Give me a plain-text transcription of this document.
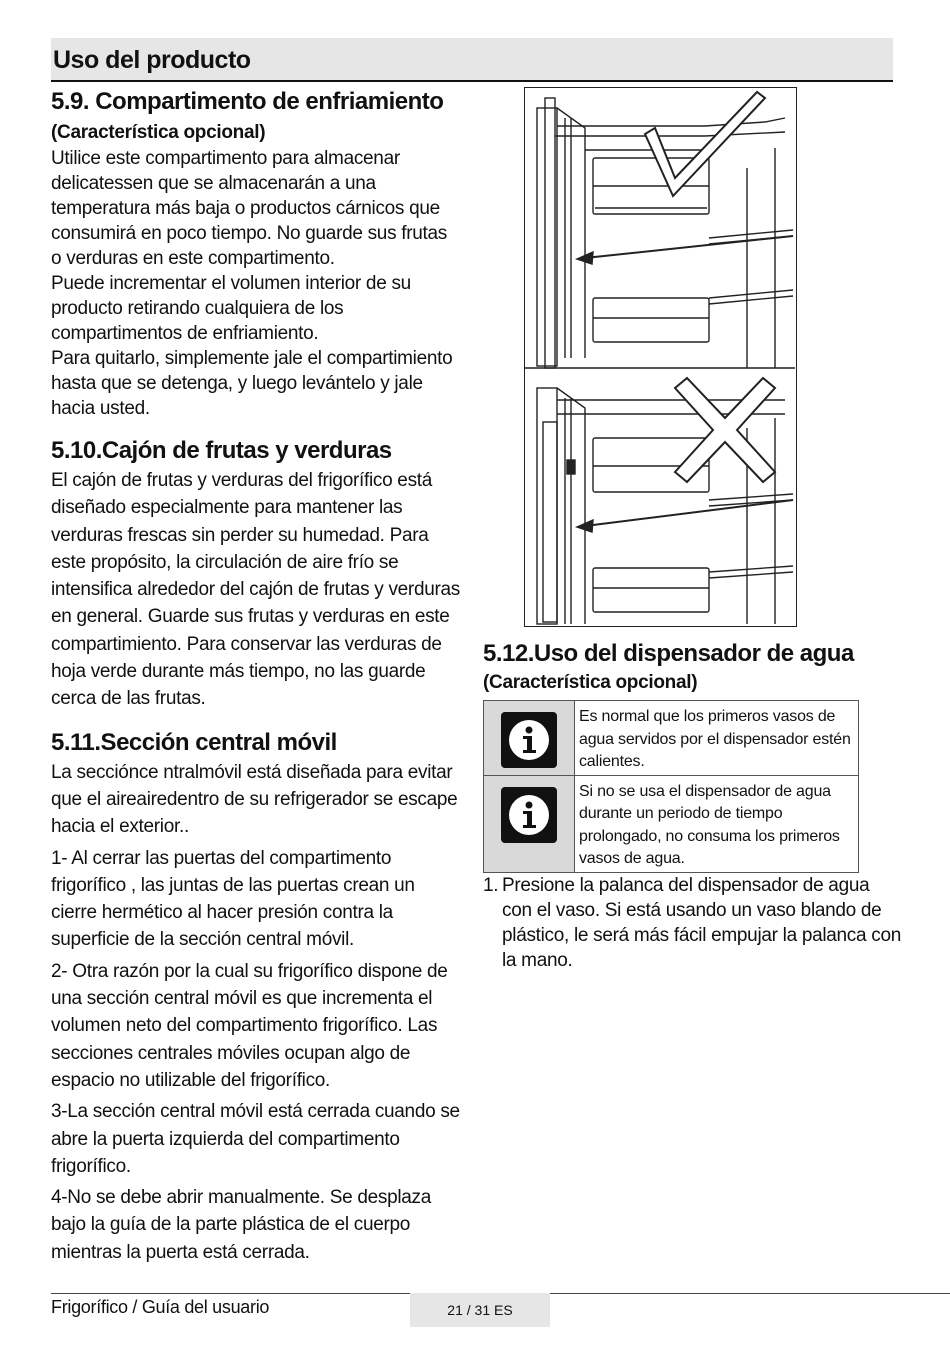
Uso del producto
5.9. Compartimento de enfriamiento
(Característica opcional)

Utilice este compartimento para almacenar delicatessen que se almacenarán a una temperatura más baja o productos cárnicos que consumirá en poco tiempo. No guarde sus frutas o verduras en este compartimento.

Puede incrementar el volumen interior de su producto retirando cualquiera de los compartimentos de enfriamiento.

Para quitarlo, simplemente jale el compartimiento hasta que se detenga, y luego levántelo y jale hacia usted.

5.10.Cajón de frutas y verduras

El cajón de frutas y verduras del frigorífico está diseñado especialmente para mantener las verduras frescas sin perder su humedad. Para este propósito, la circulación de aire frío se intensifica alrededor del cajón de frutas y verduras en general. Guarde sus frutas y verduras en este compartimiento. Para conservar las verduras de hoja verde durante más tiempo, no las guarde cerca de las frutas.

5.11.Sección central móvil

La secciónce ntralmóvil está diseñada para evitar que el aireairedentro de su refrigerador se escape hacia el exterior..

1- Al cerrar las puertas del compartimento frigorífico , las juntas de las puertas crean un cierre hermético al hacer presión contra la superficie de la sección central móvil.

2- Otra razón por la cual su frigorífico dispone de una sección central móvil es que incrementa el volumen neto del compartimento frigorífico. Las secciones centrales móviles ocupan algo de espacio no utilizable del frigorífico.

3-La sección central móvil está cerrada cuando se abre la puerta izquierda del compartimento frigorífico.

4-No se debe abrir manualmente. Se desplaza bajo la guía de la parte plástica de el cuerpo mientras la puerta está cerrada.

5.12.Uso del dispensador de agua
(Característica opcional)
	Es normal que los primeros vasos de agua servidos por el dispensador estén calientes.

	Si no se usa el dispensador de agua durante un periodo de tiempo prolongado, no consuma los primeros vasos de agua.
1. Presione la palanca del dispensador de agua con el vaso. Si está usando un vaso blando de plástico, le será más fácil empujar la palanca con la mano.
Frigorífico / Guía del usuario	21 / 31 ES
